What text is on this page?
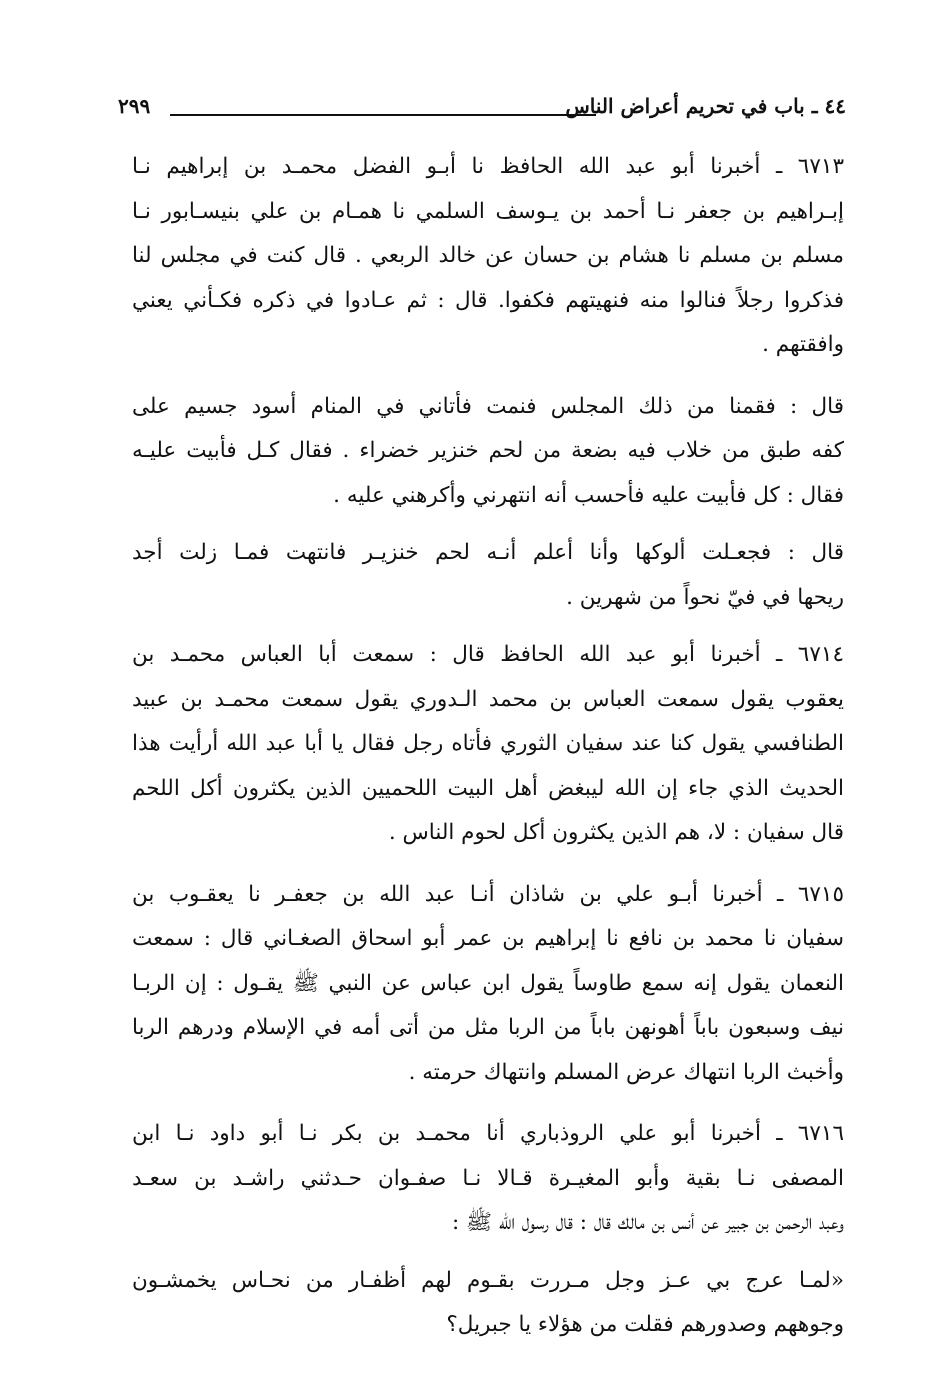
٤٤ ـ باب في تحريم أعراض الناس
٢٩٩

٦٧١٣ ـ أخبرنا أبو عبد الله الحافظ نا أبـو الفضل محمـد بن إبراهيم نـا
إبـراهيم بن جعفر نـا أحمد بن يـوسف السلمي نا همـام بن علي بنيسـابور نـا
مسلم بن مسلم نا هشام بن حسان عن خالد الربعي . قال كنت في مجلس لنا
فذكروا رجلاً فنالوا منه فنهيتهم فكفوا. قال : ثم عـادوا في ذكره فكـأني يعني
وافقتهم .

قال : فقمنا من ذلك المجلس فنمت فأتاني في المنام أسود جسيم على
كفه طبق من خلاب فيه بضعة من لحم خنزير خضراء . فقال كـل فأبيت عليـه
فقال : كل فأبيت عليه فأحسب أنه انتهرني وأكرهني عليه .

قال : فجعـلت ألوكها وأنا أعلم أنـه لحم خنزيـر فانتهت فمـا زلت أجد
ريحها في فيّ نحواً من شهرين .

٦٧١٤ ـ أخبرنا أبو عبد الله الحافظ قال : سمعت أبا العباس محمـد بن
يعقوب يقول سمعت العباس بن محمد الـدوري يقول سمعت محمـد بن عبيد
الطنافسي يقول كنا عند سفيان الثوري فأتاه رجل فقال يا أبا عبد الله أرأيت هذا
الحديث الذي جاء إن الله ليبغض أهل البيت اللحميين الذين يكثرون أكل اللحم
قال سفيان : لا، هم الذين يكثرون أكل لحوم الناس .

٦٧١٥ ـ أخبرنا أبـو علي بن شاذان أنـا عبد الله بن جعفـر نا يعقـوب بن
سفيان نا محمد بن نافع نا إبراهيم بن عمر أبو اسحاق الصغـاني قال : سمعت
النعمان يقول إنه سمع طاوساً يقول ابن عباس عن النبي ﷺ يقـول : إن الربـا
نيف وسبعون باباً أهونهن باباً من الربا مثل من أتى أمه في الإسلام ودرهم الربا
وأخبث الربا انتهاك عرض المسلم وانتهاك حرمته .

٦٧١٦ ـ أخبرنا أبو علي الروذباري أنا محمـد بن بكر نـا أبو داود نـا ابن
المصفى نـا بقية وأبو المغيـرة قـالا نـا صفـوان حـدثني راشـد بن سعـد
وعبد الرحمن بن جبير عن أنس بن مالك قال : قال رسول الله ﷺ :

«لمـا عرج بي عـز وجل مـررت بقـوم لهم أظفـار من نحـاس يخمشـون
وجوههم وصدورهم فقلت من هؤلاء يا جبريل؟
